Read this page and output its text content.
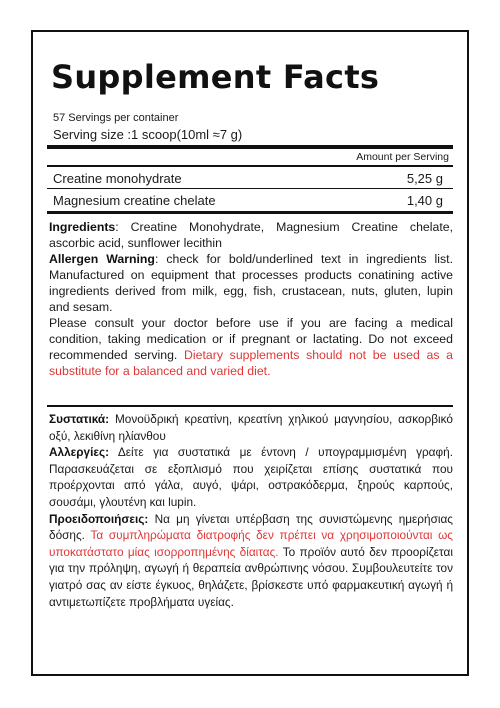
Supplement Facts
57 Servings per container
Serving size :1 scoop(10ml ≈7 g)
Amount per Serving
Creatine monohydrate	5,25 g
Magnesium creatine chelate	1,40 g

Ingredients: Creatine Monohydrate, Magnesium Creatine chelate, ascorbic acid, sunflower lecithin

Allergen Warning: check for bold/underlined text in ingredients list. Manufactured on equipment that processes products conatining active ingredients derived from milk, egg, fish, crustacean, nuts, gluten, lupin and sesam.

Please consult your doctor before use if you are facing a medical condition, taking medication or if pregnant or lactating. Do not exceed recommended serving. Dietary supplements should not be used as a substitute for a balanced and varied diet.

Συστατικά: Μονοϋδρική κρεατίνη, κρεατίνη χηλικού μαγνησίου, ασκορβικό οξύ, λεκιθίνη ηλίανθου

Αλλεργίες: Δείτε για συστατικά με έντονη / υπογραμμισμένη γραφή. Παρασκευάζεται σε εξοπλισμό που χειρίζεται επίσης συστατικά που προέρχονται από γάλα, αυγό, ψάρι, οστρακόδερμα, ξηρούς καρπούς, σουσάμι, γλουτένη και lupin.

Προειδοποιήσεις: Να μη γίνεται υπέρβαση της συνιστώμενης ημερήσιας δόσης. Τα συμπληρώματα διατροφής δεν πρέπει να χρησιμοποιούνται ως υποκατάστατο μίας ισορροπημένης δίαιτας. Το προϊόν αυτό δεν προορίζεται για την πρόληψη, αγωγή ή θεραπεία ανθρώπινης νόσου. Συμβουλευτείτε τον γιατρό σας αν είστε έγκυος, θηλάζετε, βρίσκεστε υπό φαρμακευτική αγωγή ή αντιμετωπίζετε προβλήματα υγείας.
